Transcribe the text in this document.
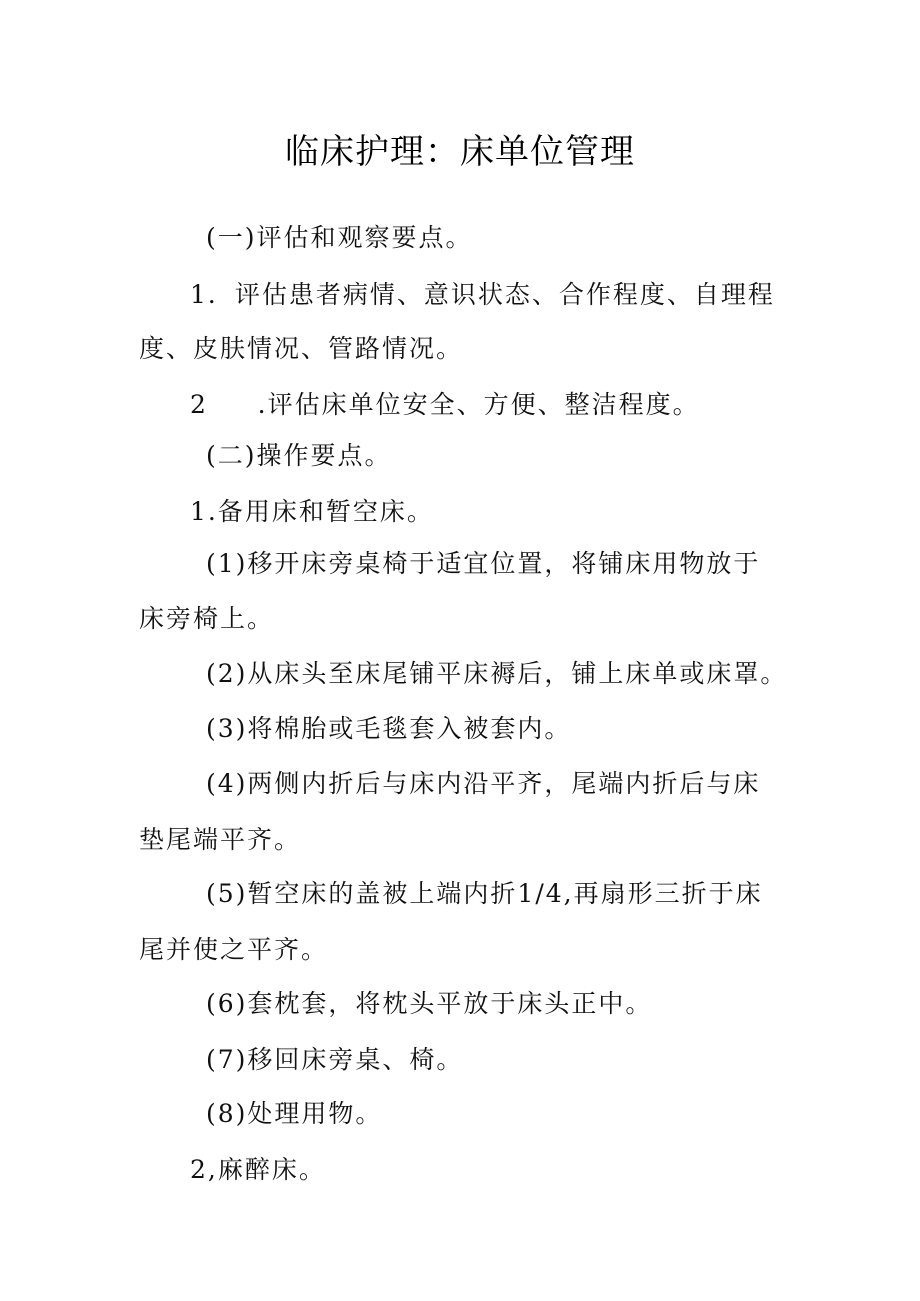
临床护理：床单位管理
(一)评估和观察要点。
1．评估患者病情、意识状态、合作程度、自理程
度、皮肤情况、管路情况。
2     .评估床单位安全、方便、整洁程度。
(二)操作要点。
1.备用床和暂空床。
(1)移开床旁桌椅于适宜位置，将铺床用物放于
床旁椅上。
(2)从床头至床尾铺平床褥后，铺上床单或床罩。
(3)将棉胎或毛毯套入被套内。
(4)两侧内折后与床内沿平齐，尾端内折后与床
垫尾端平齐。
(5)暂空床的盖被上端内折1/4,再扇形三折于床
尾并使之平齐。
(6)套枕套，将枕头平放于床头正中。
(7)移回床旁桌、椅。
(8)处理用物。
2,麻醉床。
